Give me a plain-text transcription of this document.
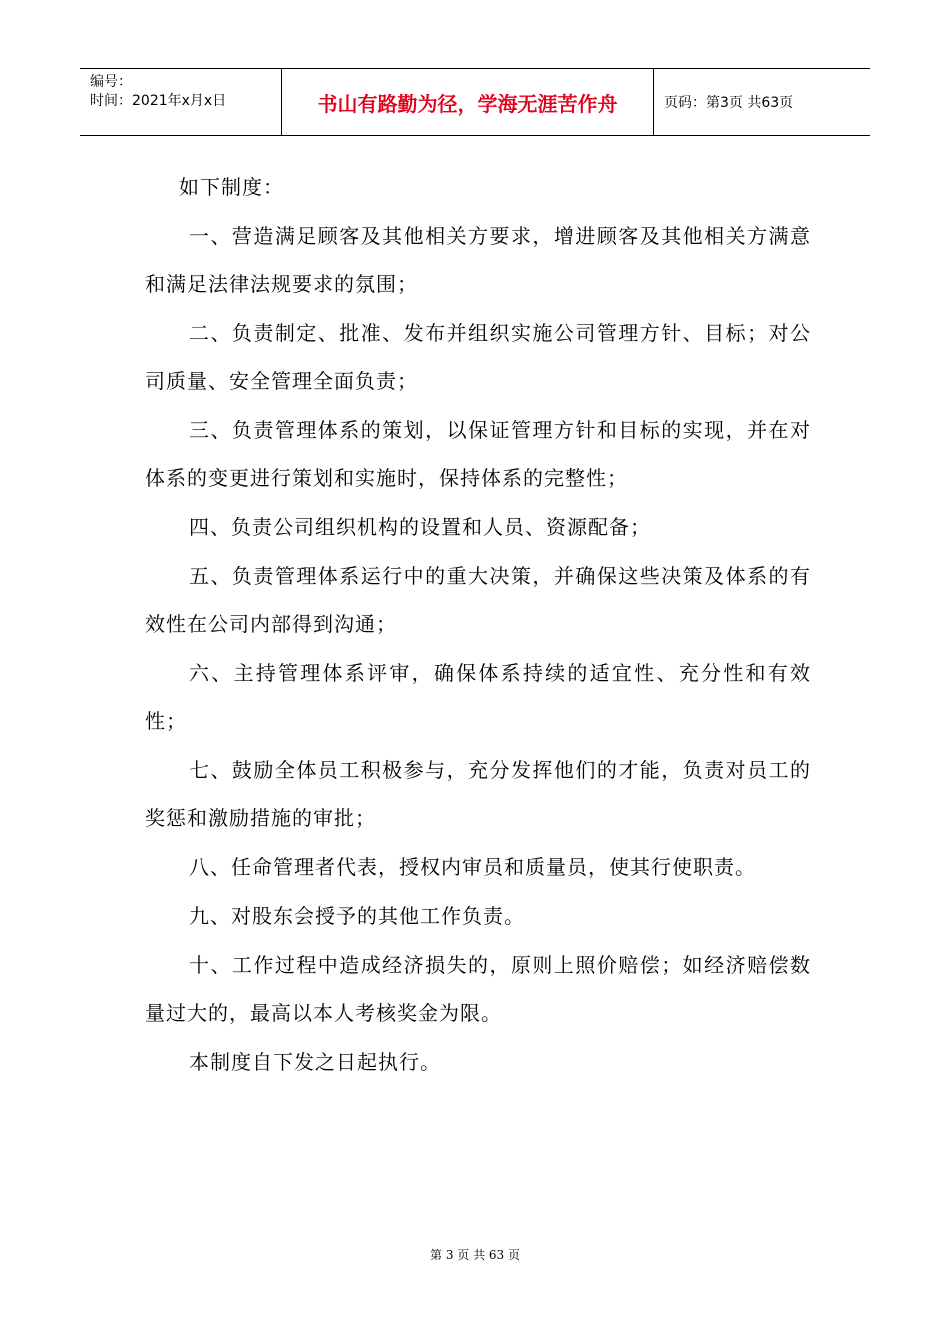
编号：
时间：2021年x月x日	书山有路勤为径，学海无涯苦作舟	页码：第3页 共63页

如下制度：

一、营造满足顾客及其他相关方要求，增进顾客及其他相关方满意和满足法律法规要求的氛围；

二、负责制定、批准、发布并组织实施公司管理方针、目标；对公司质量、安全管理全面负责；

三、负责管理体系的策划，以保证管理方针和目标的实现，并在对体系的变更进行策划和实施时，保持体系的完整性；

四、负责公司组织机构的设置和人员、资源配备；

五、负责管理体系运行中的重大决策，并确保这些决策及体系的有效性在公司内部得到沟通；

六、主持管理体系评审，确保体系持续的适宜性、充分性和有效性；

七、鼓励全体员工积极参与，充分发挥他们的才能，负责对员工的奖惩和激励措施的审批；

八、任命管理者代表，授权内审员和质量员，使其行使职责。

九、对股东会授予的其他工作负责。

十、工作过程中造成经济损失的，原则上照价赔偿；如经济赔偿数量过大的，最高以本人考核奖金为限。

本制度自下发之日起执行。

第 3 页 共 63 页
